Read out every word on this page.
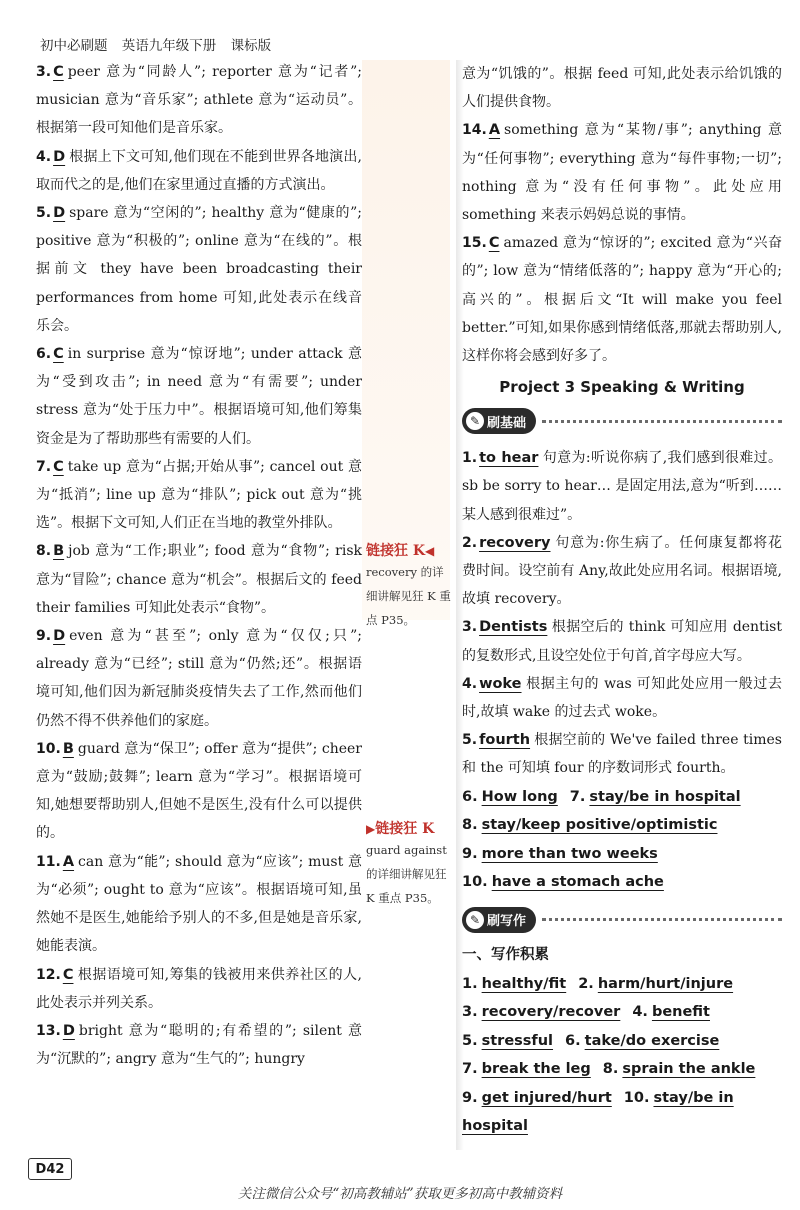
初中必刷题 英语九年级下册 课标版

3. C peer 意为“同龄人”; reporter 意为“记者”; musician 意为“音乐家”; athlete 意为“运动员”。根据第一段可知他们是音乐家。

4. D 根据上下文可知,他们现在不能到世界各地演出,取而代之的是,他们在家里通过直播的方式演出。

5. D spare 意为“空闲的”; healthy 意为“健康的”; positive 意为“积极的”; online 意为“在线的”。根据前文 they have been broadcasting their performances from home 可知,此处表示在线音乐会。

6. C in surprise 意为“惊讶地”; under attack 意为“受到攻击”; in need 意为“有需要”; under stress 意为“处于压力中”。根据语境可知,他们筹集资金是为了帮助那些有需要的人们。

7. C take up 意为“占据;开始从事”; cancel out 意为“抵消”; line up 意为“排队”; pick out 意为“挑选”。根据下文可知,人们正在当地的教堂外排队。

8. B job 意为“工作;职业”; food 意为“食物”; risk 意为“冒险”; chance 意为“机会”。根据后文的 feed their families 可知此处表示“食物”。

9. D even 意为“甚至”; only 意为“仅仅;只”; already 意为“已经”; still 意为“仍然;还”。根据语境可知,他们因为新冠肺炎疫情失去了工作,然而他们仍然不得不供养他们的家庭。

10. B guard 意为“保卫”; offer 意为“提供”; cheer 意为“鼓励;鼓舞”; learn 意为“学习”。根据语境可知,她想要帮助别人,但她不是医生,没有什么可以提供的。

11. A can 意为“能”; should 意为“应该”; must 意为“必须”; ought to 意为“应该”。根据语境可知,虽然她不是医生,她能给予别人的不多,但是她是音乐家,她能表演。

12. C 根据语境可知,筹集的钱被用来供养社区的人,此处表示并列关系。

13. D bright 意为“聪明的;有希望的”; silent 意为“沉默的”; angry 意为“生气的”; hungry

链接狂 K◀
recovery 的详细讲解见狂 K 重点 P35。
▶链接狂 K
guard against 的详细讲解见狂 K 重点 P35。

意为“饥饿的”。根据 feed 可知,此处表示给饥饿的人们提供食物。

14. A something 意为“某物/事”; anything 意为“任何事物”; everything 意为“每件事物;一切”; nothing 意为“没有任何事物”。此处应用 something 来表示妈妈总说的事情。

15. C amazed 意为“惊讶的”; excited 意为“兴奋的”; low 意为“情绪低落的”; happy 意为“开心的;高兴的”。根据后文“It will make you feel better.”可知,如果你感到情绪低落,那就去帮助别人,这样你将会感到好多了。

Project 3 Speaking & Writing
✎ 刷基础

1. to hear 句意为:听说你病了,我们感到很难过。sb be sorry to hear… 是固定用法,意为“听到……某人感到很难过”。

2. recovery 句意为:你生病了。任何康复都将花费时间。设空前有 Any,故此处应用名词。根据语境,故填 recovery。

3. Dentists 根据空后的 think 可知应用 dentist 的复数形式,且设空处位于句首,首字母应大写。

4. woke 根据主句的 was 可知此处应用一般过去时,故填 wake 的过去式 woke。

5. fourth 根据空前的 We've failed three times 和 the 可知填 four 的序数词形式 fourth。

6. How long 7. stay/be in hospital
8. stay/keep positive/optimistic
9. more than two weeks
10. have a stomach ache
✎ 刷写作
一、写作积累
1. healthy/fit 2. harm/hurt/injure
3. recovery/recover 4. benefit
5. stressful 6. take/do exercise
7. break the leg 8. sprain the ankle
9. get injured/hurt 10. stay/be in hospital
D42
关注微信公众号“初高教辅站”获取更多初高中教辅资料
